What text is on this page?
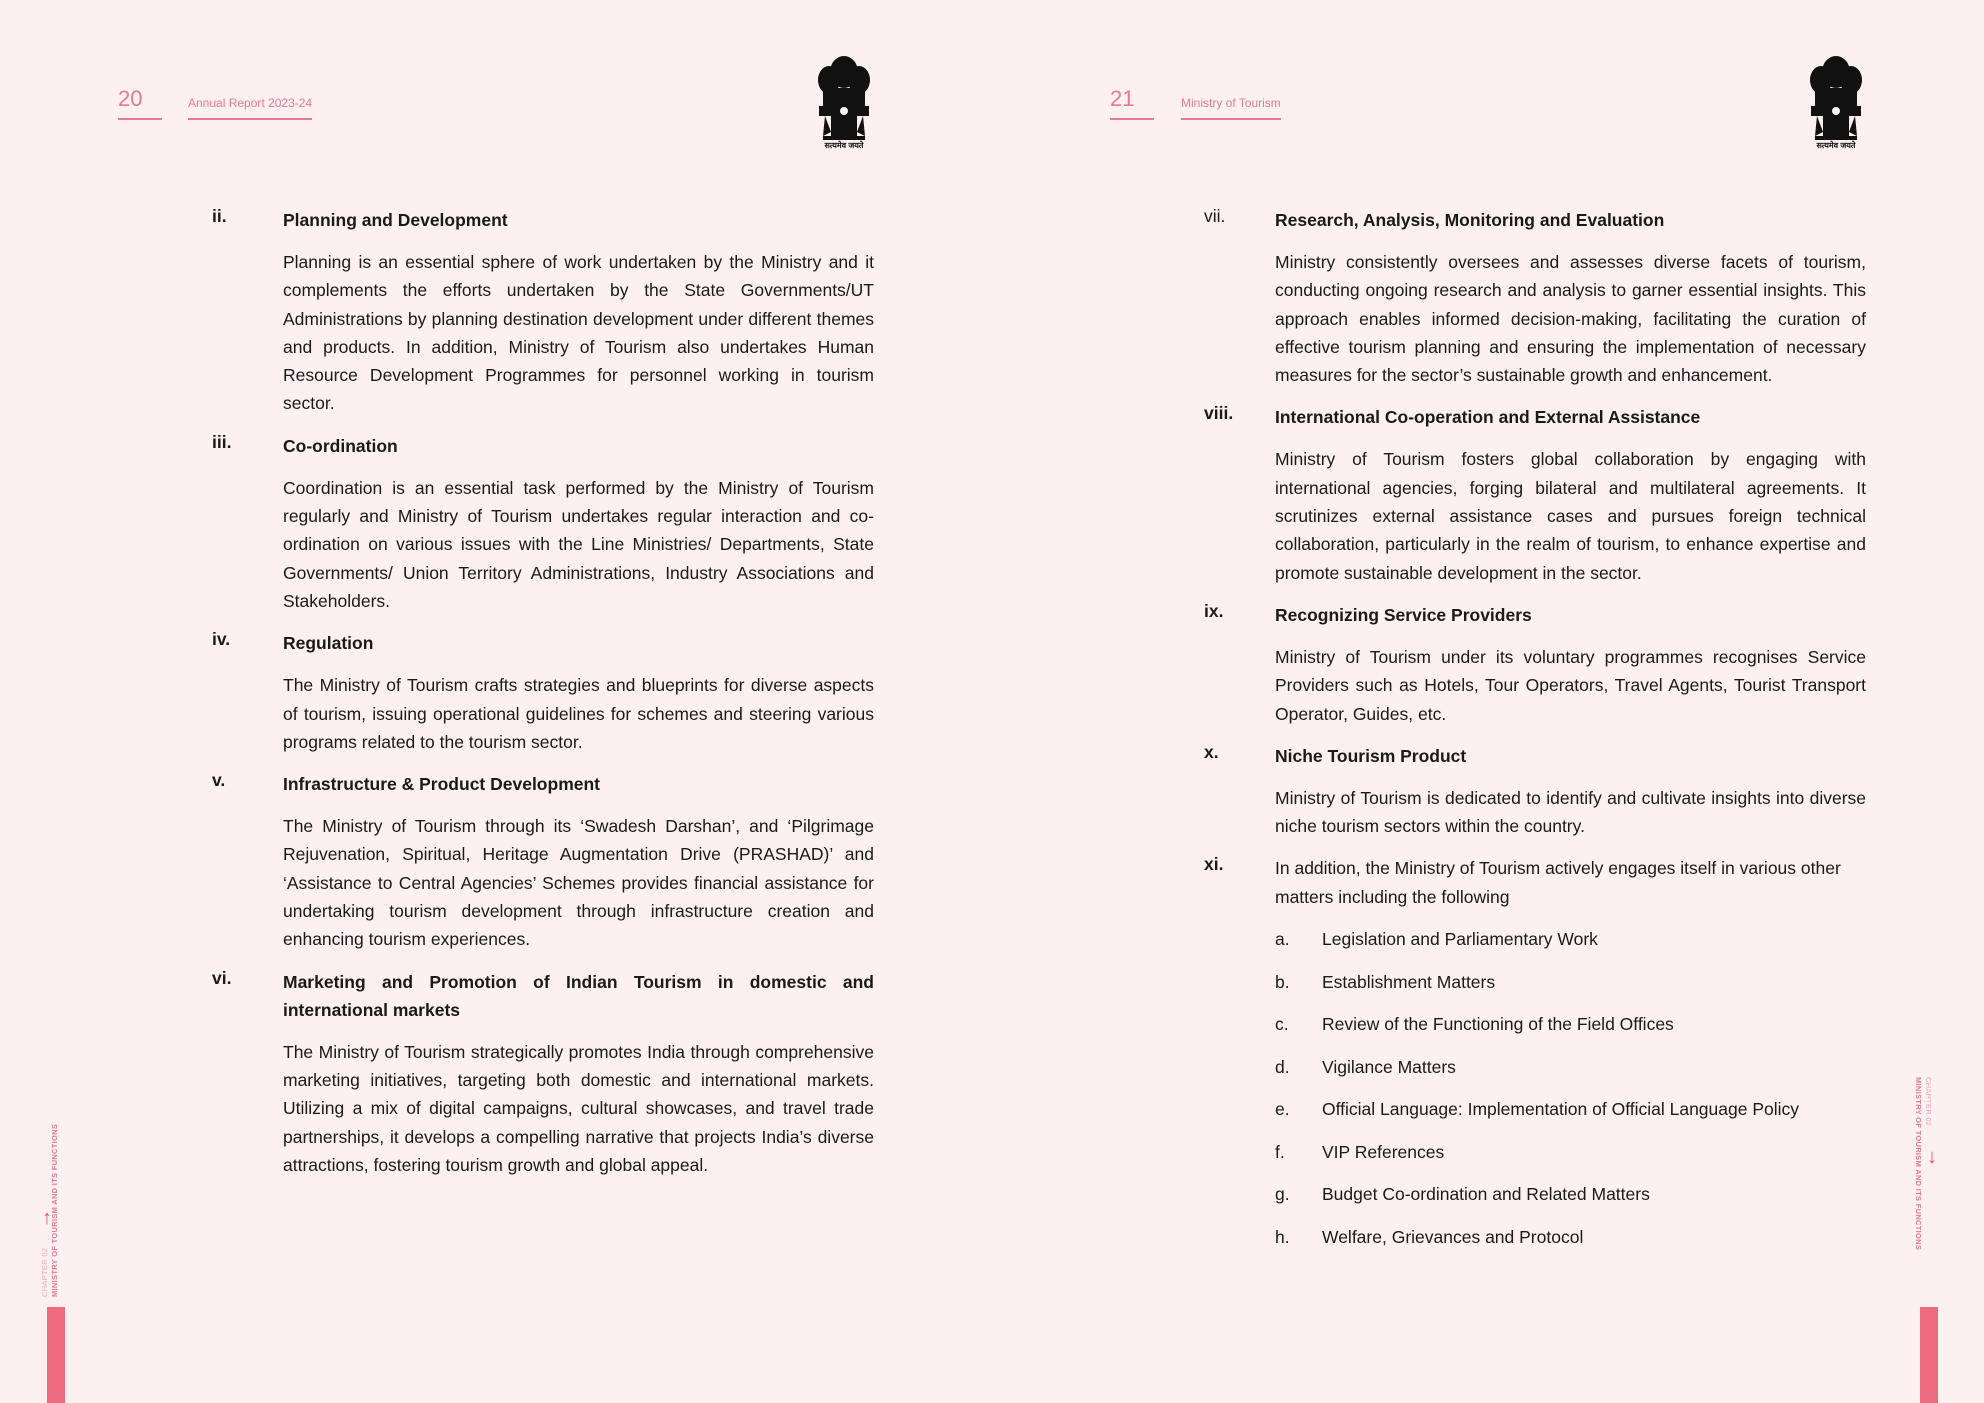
20	Annual Report 2023-24
सत्यमेव जयते
CHAPTER 02 MINISTRY OF TOURISM AND ITS FUNCTIONS
↑
ii.	Planning and Development
Planning is an essential sphere of work undertaken by the Ministry and it complements the efforts undertaken by the State Governments/UT Administrations by planning destination development under different themes and products. In addition, Ministry of Tourism also undertakes Human Resource Development Programmes for personnel working in tourism sector.
iii.	Co-ordination
Coordination is an essential task performed by the Ministry of Tourism regularly and Ministry of Tourism undertakes regular interaction and co-ordination on various issues with the Line Ministries/ Departments, State Governments/ Union Territory Administrations, Industry Associations and Stakeholders.
iv.	Regulation
The Ministry of Tourism crafts strategies and blueprints for diverse aspects of tourism, issuing operational guidelines for schemes and steering various programs related to the tourism sector.
v.	Infrastructure & Product Development
The Ministry of Tourism through its ‘Swadesh Darshan’, and ‘Pilgrimage Rejuvenation, Spiritual, Heritage Augmentation Drive (PRASHAD)’ and ‘Assistance to Central Agencies’ Schemes provides financial assistance for undertaking tourism development through infrastructure creation and enhancing tourism experiences.
vi.	Marketing and Promotion of Indian Tourism in domestic and international markets
The Ministry of Tourism strategically promotes India through comprehensive marketing initiatives, targeting both domestic and international markets. Utilizing a mix of digital campaigns, cultural showcases, and travel trade partnerships, it develops a compelling narrative that projects India’s diverse attractions, fostering tourism growth and global appeal.
21	Ministry of Tourism
सत्यमेव जयते
CHAPTER 02
MINISTRY OF TOURISM AND ITS FUNCTIONS ↓
vii.	Research, Analysis, Monitoring and Evaluation
Ministry consistently oversees and assesses diverse facets of tourism, conducting ongoing research and analysis to garner essential insights. This approach enables informed decision-making, facilitating the curation of effective tourism planning and ensuring the implementation of necessary measures for the sector’s sustainable growth and enhancement.
viii. International Co-operation and External Assistance
Ministry of Tourism fosters global collaboration by engaging with international agencies, forging bilateral and multilateral agreements. It scrutinizes external assistance cases and pursues foreign technical collaboration, particularly in the realm of tourism, to enhance expertise and promote sustainable development in the sector.
ix.	Recognizing Service Providers
Ministry of Tourism under its voluntary programmes recognises Service Providers such as Hotels, Tour Operators, Travel Agents, Tourist Transport Operator, Guides, etc.
x.	Niche Tourism Product
Ministry of Tourism is dedicated to identify and cultivate insights into diverse niche tourism sectors within the country.
xi.	In addition, the Ministry of Tourism actively engages itself in various other matters including the following
a. Legislation and Parliamentary Work
b. Establishment Matters
c. Review of the Functioning of the Field Offices
d. Vigilance Matters
e. Official Language: Implementation of Official Language Policy
f. VIP References
g. Budget Co-ordination and Related Matters
h. Welfare, Grievances and Protocol
